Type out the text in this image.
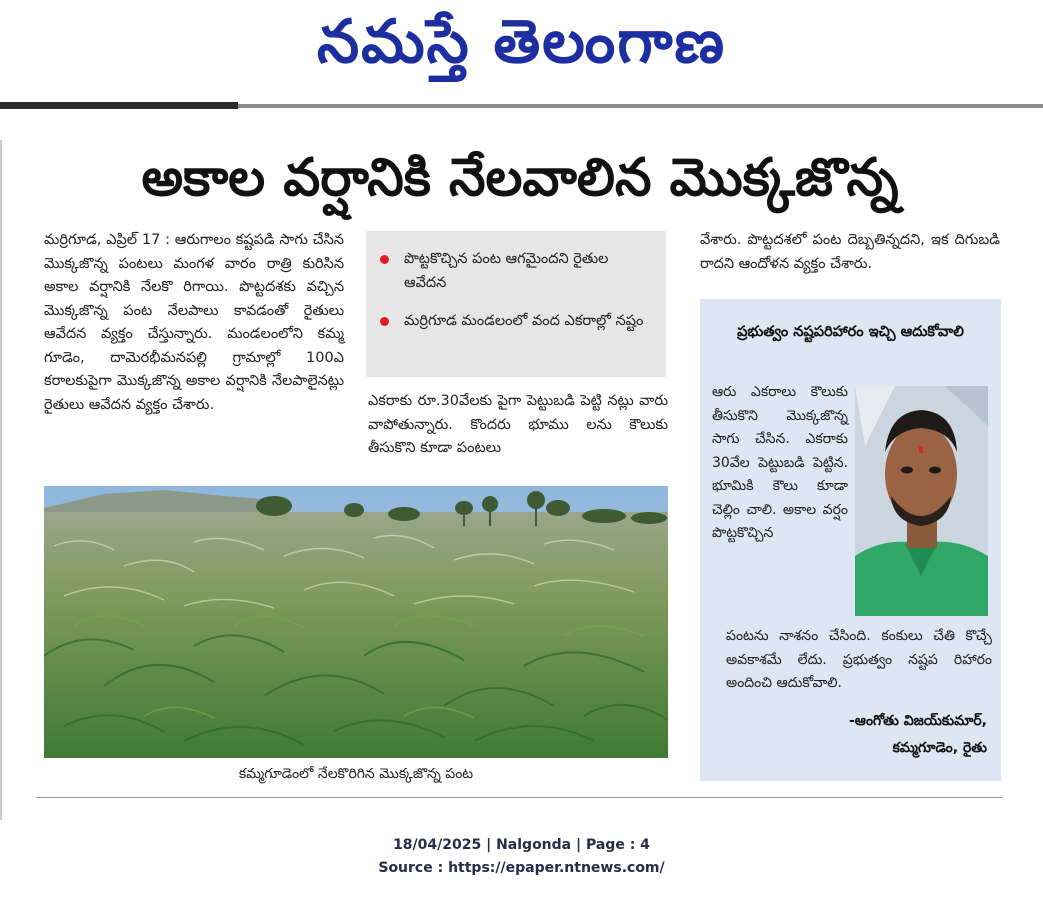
నమస్తే తెలంగాణ
అకాల వర్షానికి నేలవాలిన మొక్కజొన్న
మర్రిగూడ, ఎప్రిల్ 17 : ఆరుగాలం కష్టపడి సాగు చేసిన మొక్కజొన్న పంటలు మంగళ వారం రాత్రి కురిసిన అకాల వర్షానికి నేలకొ రిగాయి. పొట్టదశకు వచ్చిన మొక్కజొన్న పంట నేలపాలు కావడంతో రైతులు ఆవేదన వ్యక్తం చేస్తున్నారు. మండలంలోని కమ్మ గూడెం, దామెరభీమనపల్లి గ్రామాల్లో 100ఎ కరాలకుపైగా మొక్కజొన్న అకాల వర్షానికి నేలపాలైనట్లు రైతులు ఆవేదన వ్యక్తం చేశారు.
పొట్టకొచ్చిన పంట ఆగమైందని రైతుల ఆవేదన
మర్రిగూడ మండలంలో వంద ఎకరాల్లో నష్టం
ఎకరాకు రూ.30వేలకు పైగా పెట్టుబడి పెట్టి నట్లు వారు వాపోతున్నారు. కొందరు భూము లను కౌలుకు తీసుకొని కూడా పంటలు
వేశారు. పొట్టదశలో పంట దెబ్బతిన్నదని, ఇక దిగుబడి రాదని ఆందోళన వ్యక్తం చేశారు.
కమ్మగూడెంలో నేలకొరిగిన మొక్కజొన్న పంట
ప్రభుత్వం నష్టపరిహారం ఇచ్చి ఆదుకోవాలి
ఆరు ఎకరాలు కౌలుకు తీసుకొని మొక్కజొన్న సాగు చేసిన. ఎకరాకు 30వేల పెట్టుబడి పెట్టిన. భూమికి కౌలు కూడా చెల్లిం చాలి. అకాల వర్షం పొట్టకొచ్చిన
పంటను నాశనం చేసింది. కంకులు చేతి కొచ్చే అవకాశమే లేదు. ప్రభుత్వం నష్టప రిహారం అందించి ఆదుకోవాలి.
-ఆంగోతు విజయ్‌కుమార్,
కమ్మగూడెం, రైతు
18/04/2025 | Nalgonda | Page : 4
Source : https://epaper.ntnews.com/
